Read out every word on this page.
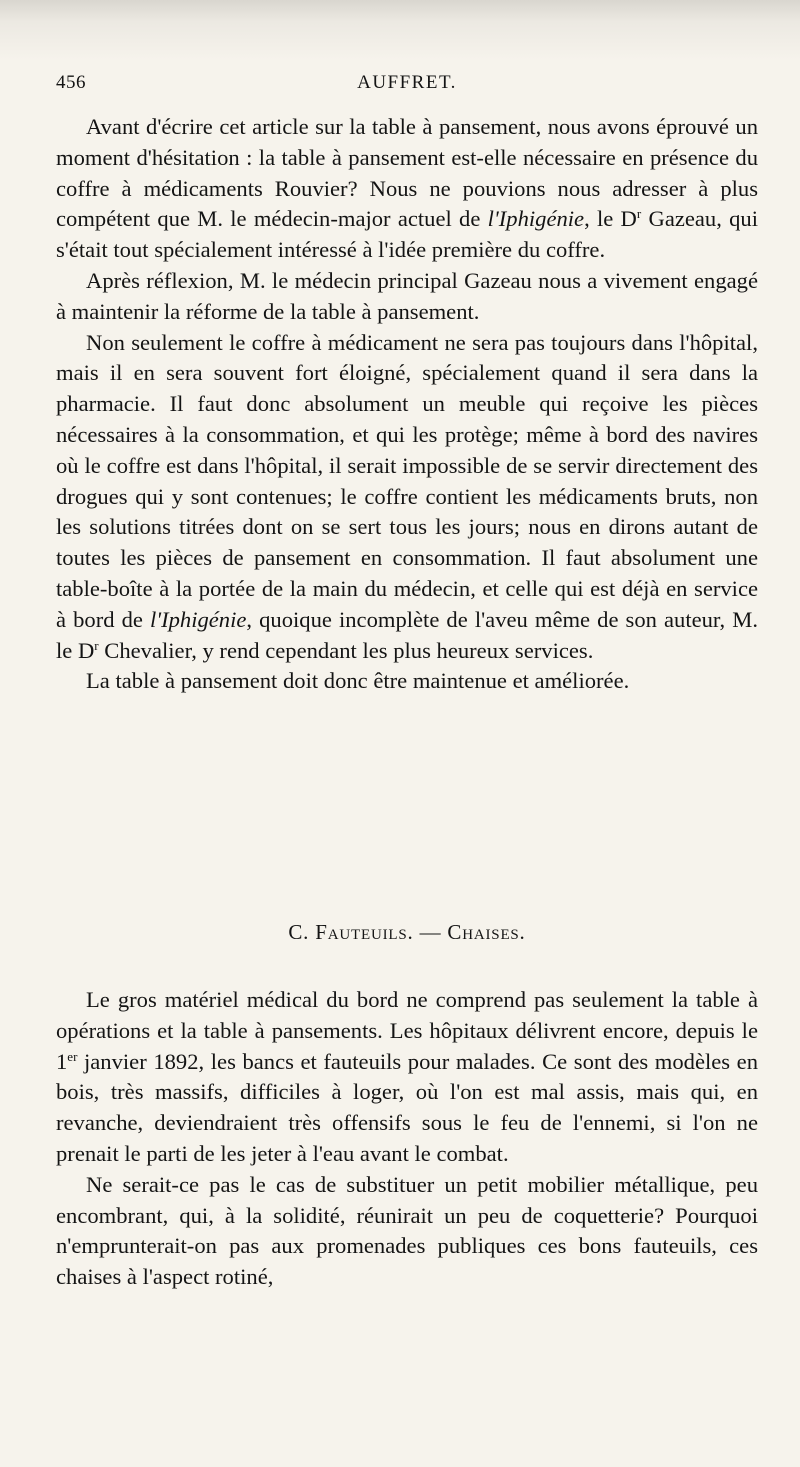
456	AUFFRET.

Avant d'écrire cet article sur la table à pansement, nous avons éprouvé un moment d'hésitation : la table à pansement est-elle nécessaire en présence du coffre à médicaments Rouvier? Nous ne pouvions nous adresser à plus compétent que M. le médecin-major actuel de l'Iphigénie, le $D^r$ Gazeau, qui s'était tout spécialement intéressé à l'idée première du coffre.

Après réflexion, M. le médecin principal Gazeau nous a vivement engagé à maintenir la réforme de la table à pansement.

Non seulement le coffre à médicament ne sera pas toujours dans l'hôpital, mais il en sera souvent fort éloigné, spécialement quand il sera dans la pharmacie. Il faut donc absolument un meuble qui reçoive les pièces nécessaires à la consommation, et qui les protège; même à bord des navires où le coffre est dans l'hôpital, il serait impossible de se servir directement des drogues qui y sont contenues; le coffre contient les médicaments bruts, non les solutions titrées dont on se sert tous les jours; nous en dirons autant de toutes les pièces de pansement en consommation. Il faut absolument une table-boîte à la portée de la main du médecin, et celle qui est déjà en service à bord de l'Iphigénie, quoique incomplète de l'aveu même de son auteur, M. le $D^r$ Chevalier, y rend cependant les plus heureux services.

La table à pansement doit donc être maintenue et améliorée.

C. Fauteuils. — Chaises.

Le gros matériel médical du bord ne comprend pas seulement la table à opérations et la table à pansements. Les hôpitaux délivrent encore, depuis le 1er janvier 1892, les bancs et fauteuils pour malades. Ce sont des modèles en bois, très massifs, difficiles à loger, où l'on est mal assis, mais qui, en revanche, deviendraient très offensifs sous le feu de l'ennemi, si l'on ne prenait le parti de les jeter à l'eau avant le combat.

Ne serait-ce pas le cas de substituer un petit mobilier métallique, peu encombrant, qui, à la solidité, réunirait un peu de coquetterie? Pourquoi n'emprunterait-on pas aux promenades publiques ces bons fauteuils, ces chaises à l'aspect rotiné,
